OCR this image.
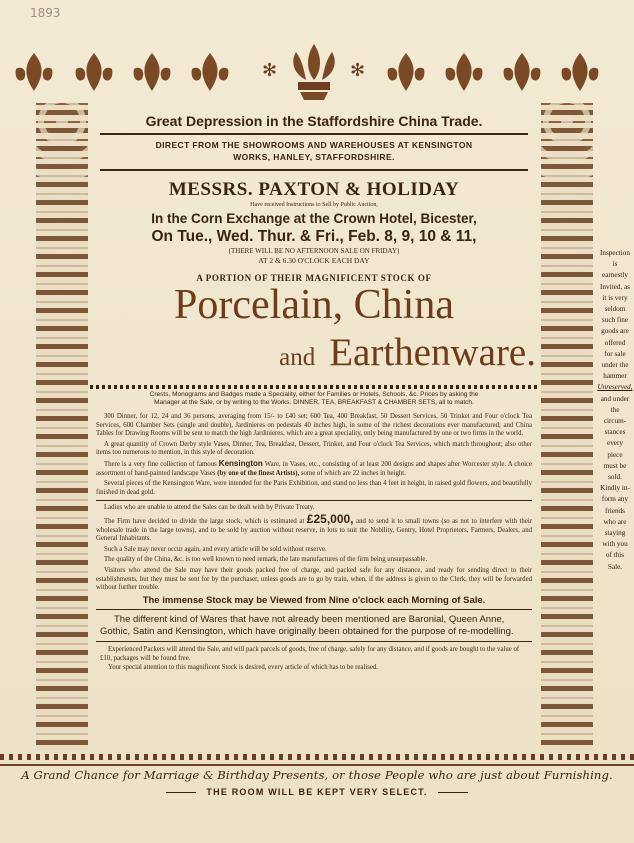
1893
✻	✻
Great Depression in the Staffordshire China Trade.
DIRECT FROM THE SHOWROOMS AND WAREHOUSES AT KENSINGTON
WORKS, HANLEY, STAFFORDSHIRE.
MESSRS. PAXTON & HOLIDAY
Have received Instructions to Sell by Public Auction,
In the Corn Exchange at the Crown Hotel, Bicester,
On Tue., Wed. Thur. & Fri., Feb. 8, 9, 10 & 11,
(THERE WILL BE NO AFTERNOON SALE ON FRIDAY)
AT 2 & 6.30 O'CLOCK EACH DAY
A PORTION OF THEIR MAGNIFICENT STOCK OF
Porcelain, China
and Earthenware.
Crests, Monograms and Badges made a Speciality, either for Families or Hotels, Schools, &c. Prices by asking the
Manager at the Sale, or by writing to the Works. DINNER, TEA, BREAKFAST & CHAMBER SETS, all to match.

300 Dinner, for 12, 24 and 36 persons, averaging from 15/- to £40 set; 600 Tea, 400 Breakfast, 50 Dessert Services, 50 Trinket and Four o'clock Tea Services, 600 Chamber Sets (single and double), Jardinieres on pedestals 40 inches high, in some of the richest decorations ever manufactured; and China Tables for Drawing Rooms will be sent to match the high Jardinieres, which are a great speciality, only being manufactured by one or two firms in the world.

A great quantity of Crown Derby style Vases, Dinner, Tea, Breakfast, Dessert, Trinket, and Four o'clock Tea Services, which match throughout; also other items too numerous to mention, in this style of decoration.

There is a very fine collection of famous Kensington Ware, in Vases, etc., consisting of at least 200 designs and shapes after Worcester style. A choice assortment of hand-painted landscape Vases (by one of the finest Artists), some of which are 22 inches in height.

Several pieces of the Kensington Ware, were intended for the Paris Exhibition, and stand no less than 4 feet in height, in raised gold flowers, and beautifully finished in dead gold.

Ladies who are unable to attend the Sales can be dealt with by Private Treaty.

The Firm have decided to divide the large stock, which is estimated at £25,000, and to send it to small towns (so as not to interfere with their wholesale trade in the large towns), and to be sold by auction without reserve, in lots to suit the Nobility, Gentry, Hotel Proprietors, Farmers, Dealers, and General Inhabitants.

Such a Sale may never occur again, and every article will be sold without reserve.

The quality of the China, &c. is too well known to need remark, the late manufactures of the firm being unsurpassable.

Visitors who attend the Sale may have their goods packed free of charge, and packed safe for any distance, and ready for sending direct to their establishments, but they must be sent for by the purchaser, unless goods are to go by train, when, if the address is given to the Clerk, they will be forwarded without further trouble.

The immense Stock may be Viewed from Nine o'clock each Morning of Sale.

The different kind of Wares that have not already been mentioned are Baronial, Queen Anne, Gothic, Satin and Kensington, which have originally been obtained for the purpose of re-modelling.

Experienced Packers will attend the Sale, and will pack parcels of goods, free of charge, safely for any distance, and if goods are bought to the value of £10, packages will be found free.

Your special attention to this magnificent Stock is desired, every article of which has to be realised.

Inspection
is
earnestly
Invited, as
it is very
seldom
such fine
goods are
offered
for sale
under the
hammer
Unreserved,
and under
the
circum-
stances
every
piece
must be
sold.
Kindly in-
form any
friends
who are
staying
with you
of this
Sale.
A Grand Chance for Marriage & Birthday Presents, or those People who are just about Furnishing.
THE ROOM WILL BE KEPT VERY SELECT.
